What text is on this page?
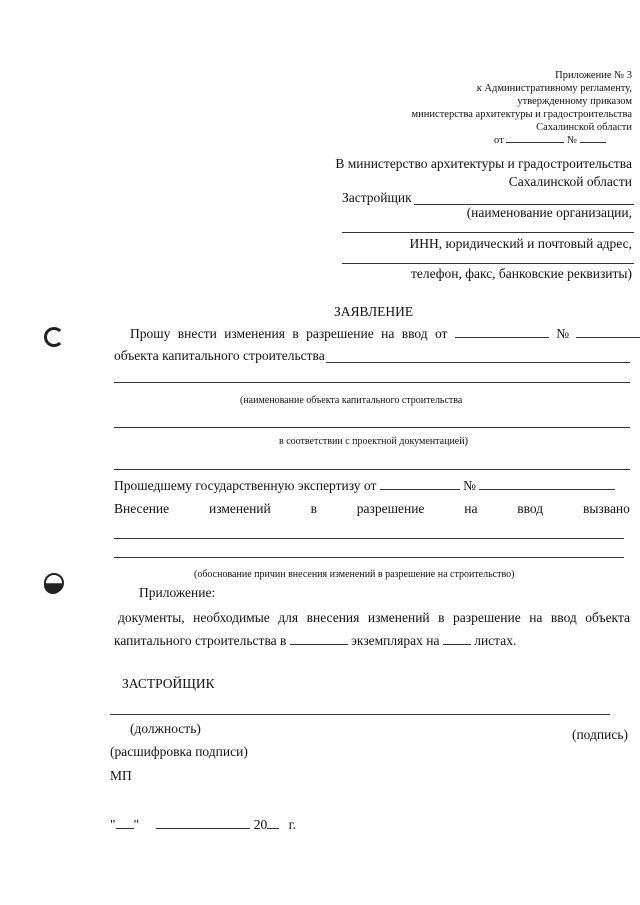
Приложение № 3
к Административному регламенту,
утвержденному приказом
министерства архитектуры и градостроительства
Сахалинской области
от	№
В министерство архитектуры и градостроительства
Сахалинской области
Застройщик
(наименование организации,
ИНН, юридический и почтовый адрес,
телефон, факс, банковские реквизиты)
ЗАЯВЛЕНИЕ
Прошу внести изменения в разрешение на ввод от	№
объекта капитального строительства
(наименование объекта капитального строительства
в соответствии с проектной документацией)
Прошедшему государственную экспертизу от	№
Внесение	изменений	в	разрешение	на	ввод	вызвано
(обоснование причин внесения изменений в разрешение на строительство)
Приложение:
документы, необходимые для внесения изменений в разрешение на ввод объекта
капитального строительства в	экземплярах на	листах.
ЗАСТРОЙЩИК
(должность)	(подпись)
(расшифровка подписи)
МП
" "	20 г.
